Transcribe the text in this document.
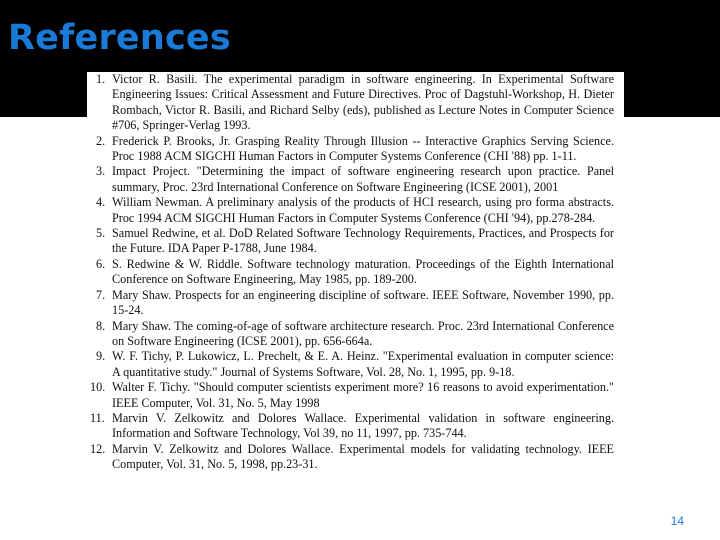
References
1. Victor R. Basili. The experimental paradigm in software engineering. In Experimental Software Engineering Issues: Critical Assessment and Future Directives. Proc of Dagstuhl-Workshop, H. Dieter Rombach, Victor R. Basili, and Richard Selby (eds), published as Lecture Notes in Computer Science #706, Springer-Verlag 1993.
2. Frederick P. Brooks, Jr. Grasping Reality Through Illusion -- Interactive Graphics Serving Science. Proc 1988 ACM SIGCHI Human Factors in Computer Systems Conference (CHI '88) pp. 1-11.
3. Impact Project. "Determining the impact of software engineering research upon practice. Panel summary, Proc. 23rd International Conference on Software Engineering (ICSE 2001), 2001
4. William Newman. A preliminary analysis of the products of HCI research, using pro forma abstracts. Proc 1994 ACM SIGCHI Human Factors in Computer Systems Conference (CHI '94), pp.278-284.
5. Samuel Redwine, et al. DoD Related Software Technology Requirements, Practices, and Prospects for the Future. IDA Paper P-1788, June 1984.
6. S. Redwine & W. Riddle. Software technology maturation. Proceedings of the Eighth International Conference on Software Engineering, May 1985, pp. 189-200.
7. Mary Shaw. Prospects for an engineering discipline of software. IEEE Software, November 1990, pp. 15-24.
8. Mary Shaw. The coming-of-age of software architecture research. Proc. 23rd International Conference on Software Engineering (ICSE 2001), pp. 656-664a.
9. W. F. Tichy, P. Lukowicz, L. Prechelt, & E. A. Heinz. "Experimental evaluation in computer science: A quantitative study." Journal of Systems Software, Vol. 28, No. 1, 1995, pp. 9-18.
10. Walter F. Tichy. "Should computer scientists experiment more? 16 reasons to avoid experimentation." IEEE Computer, Vol. 31, No. 5, May 1998
11. Marvin V. Zelkowitz and Dolores Wallace. Experimental validation in software engineering. Information and Software Technology, Vol 39, no 11, 1997, pp. 735-744.
12. Marvin V. Zelkowitz and Dolores Wallace. Experimental models for validating technology. IEEE Computer, Vol. 31, No. 5, 1998, pp.23-31.
14
